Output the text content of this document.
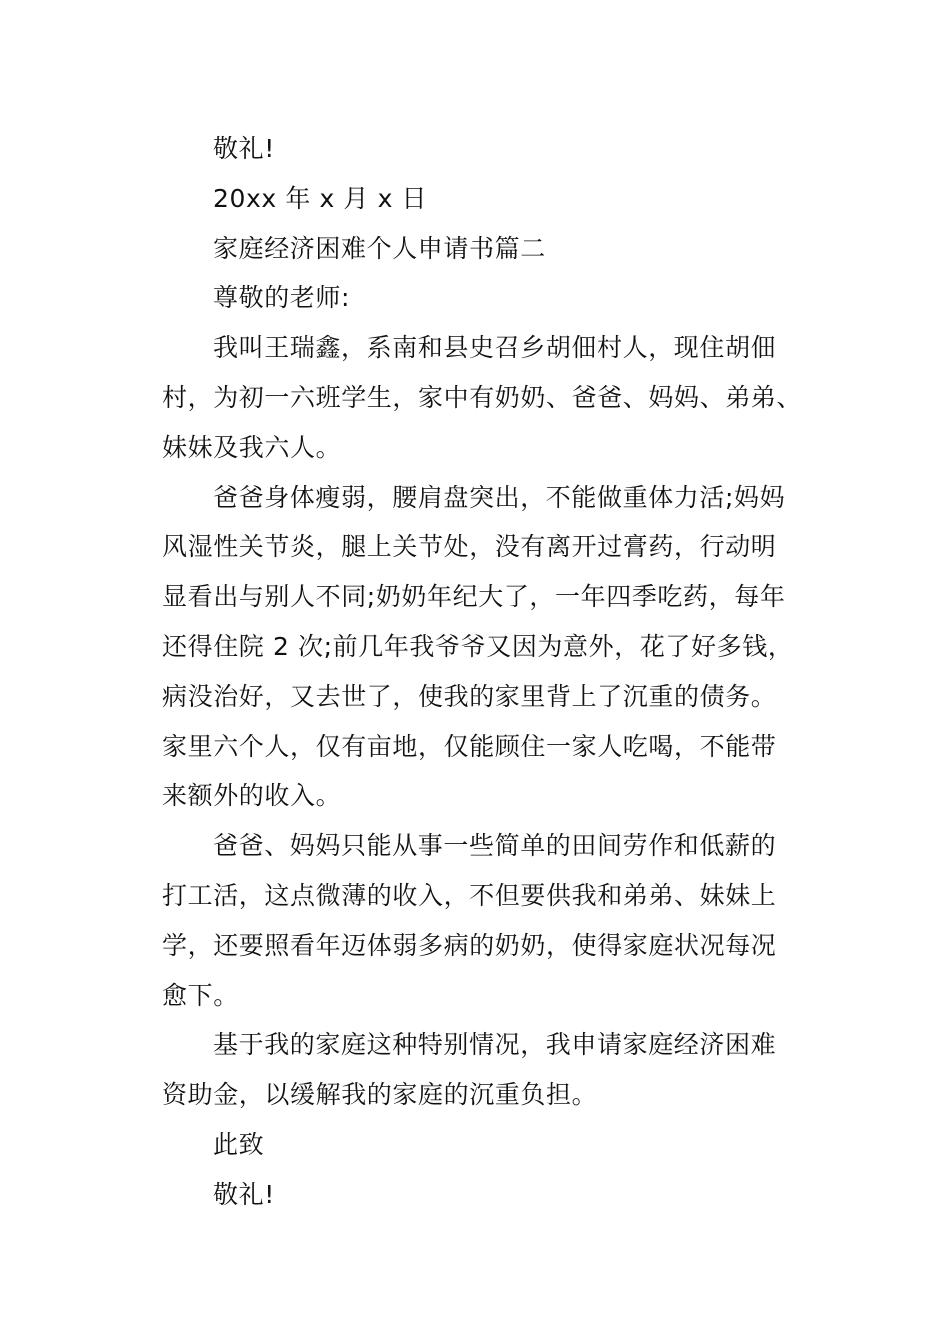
敬礼!
20xx 年 x 月 x 日
家庭经济困难个人申请书篇二
尊敬的老师:
我叫王瑞鑫，系南和县史召乡胡佃村人，现住胡佃
村，为初一六班学生，家中有奶奶、爸爸、妈妈、弟弟、
妹妹及我六人。
爸爸身体瘦弱，腰肩盘突出，不能做重体力活;妈妈
风湿性关节炎，腿上关节处，没有离开过膏药，行动明
显看出与别人不同;奶奶年纪大了，一年四季吃药，每年
还得住院 2 次;前几年我爷爷又因为意外，花了好多钱，
病没治好，又去世了，使我的家里背上了沉重的债务。
家里六个人，仅有亩地，仅能顾住一家人吃喝，不能带
来额外的收入。
爸爸、妈妈只能从事一些简单的田间劳作和低薪的
打工活，这点微薄的收入，不但要供我和弟弟、妹妹上
学，还要照看年迈体弱多病的奶奶，使得家庭状况每况
愈下。
基于我的家庭这种特别情况，我申请家庭经济困难
资助金，以缓解我的家庭的沉重负担。
此致
敬礼!
